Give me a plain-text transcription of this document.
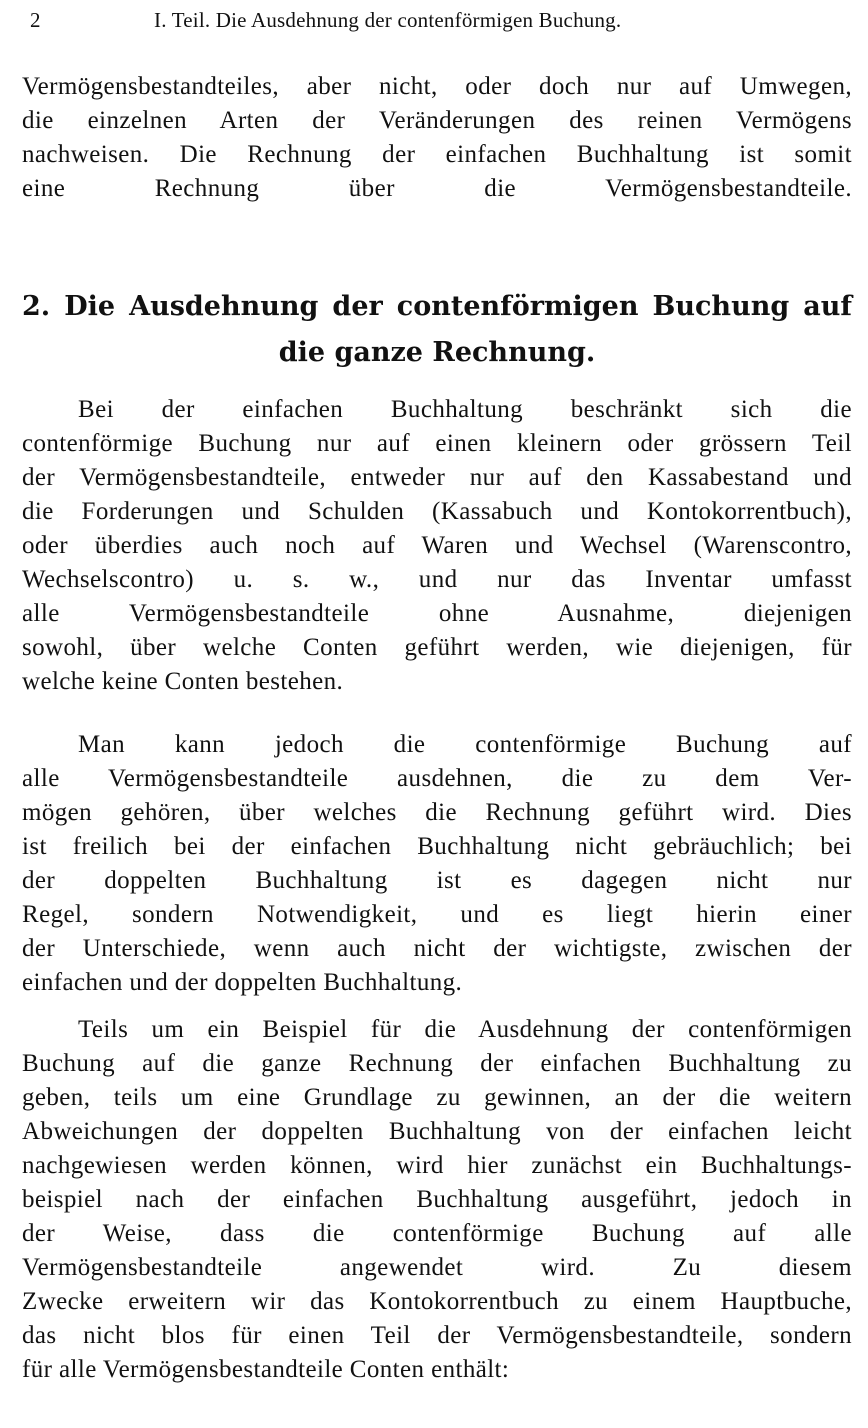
2	I. Teil. Die Ausdehnung der contenförmigen Buchung.
Vermögensbestandteiles, aber nicht, oder doch nur auf Umwegen,
die einzelnen Arten der Veränderungen des reinen Vermögens
nachweisen. Die Rechnung der einfachen Buchhaltung ist somit
eine Rechnung über die Vermögensbestandteile.
2. Die Ausdehnung der contenförmigen Buchung auf
die ganze Rechnung.
Bei der einfachen Buchhaltung beschränkt sich die
contenförmige Buchung nur auf einen kleinern oder grössern Teil
der Vermögensbestandteile, entweder nur auf den Kassabestand und
die Forderungen und Schulden (Kassabuch und Kontokorrentbuch),
oder überdies auch noch auf Waren und Wechsel (Warenscontro,
Wechselscontro) u. s. w., und nur das Inventar umfasst
alle Vermögensbestandteile ohne Ausnahme, diejenigen
sowohl, über welche Conten geführt werden, wie diejenigen, für
welche keine Conten bestehen.
Man kann jedoch die contenförmige Buchung auf
alle Vermögensbestandteile ausdehnen, die zu dem Ver-
mögen gehören, über welches die Rechnung geführt wird. Dies
ist freilich bei der einfachen Buchhaltung nicht gebräuchlich; bei
der doppelten Buchhaltung ist es dagegen nicht nur
Regel, sondern Notwendigkeit, und es liegt hierin einer
der Unterschiede, wenn auch nicht der wichtigste, zwischen der
einfachen und der doppelten Buchhaltung.
Teils um ein Beispiel für die Ausdehnung der contenförmigen
Buchung auf die ganze Rechnung der einfachen Buchhaltung zu
geben, teils um eine Grundlage zu gewinnen, an der die weitern
Abweichungen der doppelten Buchhaltung von der einfachen leicht
nachgewiesen werden können, wird hier zunächst ein Buchhaltungs-
beispiel nach der einfachen Buchhaltung ausgeführt, jedoch in
der Weise, dass die contenförmige Buchung auf alle
Vermögensbestandteile angewendet wird. Zu diesem
Zwecke erweitern wir das Kontokorrentbuch zu einem Hauptbuche,
das nicht blos für einen Teil der Vermögensbestandteile, sondern
für alle Vermögensbestandteile Conten enthält:
